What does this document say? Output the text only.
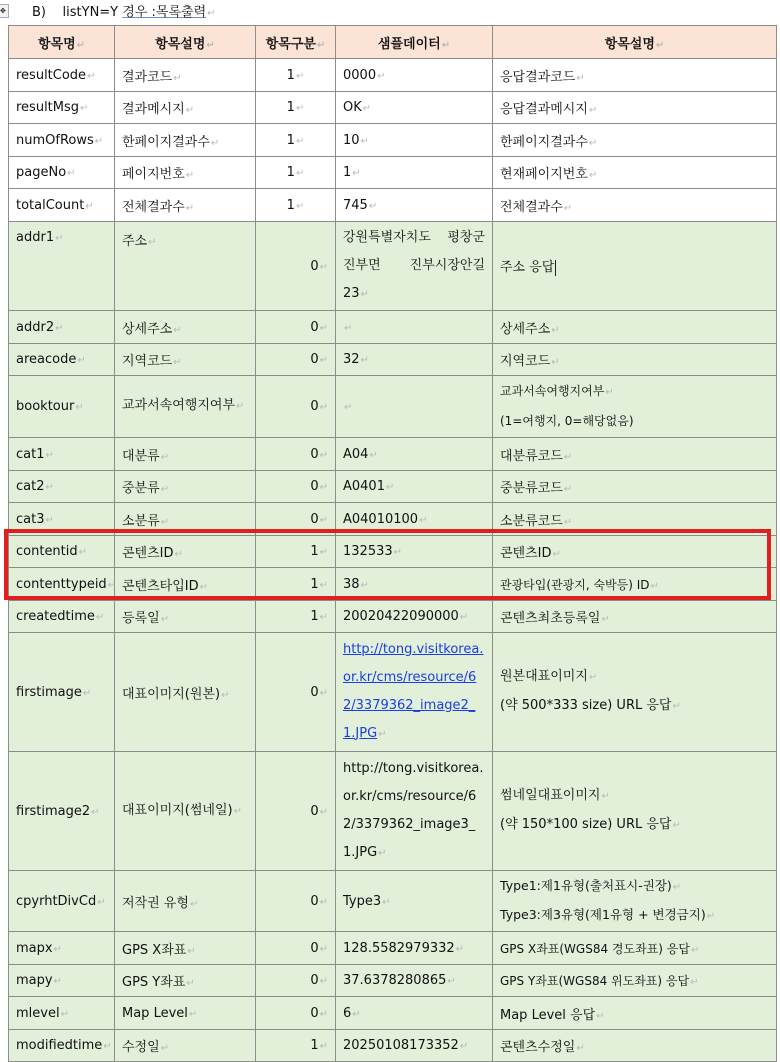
✥ B) listYN=Y 경우 :목록출력↵
항목명↵	항목설명↵	항목구분↵	샘플데이터↵	항목설명↵
resultCode↵	결과코드↵	1↵	0000↵	응답결과코드↵
resultMsg↵	결과메시지↵	1↵	OK↵	응답결과메시지↵
numOfRows↵	한페이지결과수↵	1↵	10↵	한페이지결과수↵
pageNo↵	페이지번호↵	1↵	1↵	현재페이지번호↵
totalCount↵	전체결과수↵	1↵	745↵	전체결과수↵
addr1↵	주소↵	0↵	강원특별자치도 평창군 진부면 진부시장안길 23↵	주소 응답
addr2↵	상세주소↵	0↵	↵	상세주소↵
areacode↵	지역코드↵	0↵	32↵	지역코드↵
booktour↵	교과서속여행지여부↵	0↵	↵	교과서속여행지여부↵
(1=여행지, 0=해당없음)
cat1↵	대분류↵	0↵	A04↵	대분류코드↵
cat2↵	중분류↵	0↵	A0401↵	중분류코드↵
cat3↵	소분류↵	0↵	A04010100↵	소분류코드↵
contentid↵	콘텐츠ID↵	1↵	132533↵	콘텐츠ID↵
contenttypeid↵	콘텐츠타입ID↵	1↵	38↵	관광타입(관광지, 숙박등) ID↵
createdtime↵	등록일↵	1↵	20020422090000↵	콘텐츠최초등록일↵
firstimage↵	대표이미지(원본)↵	0↵	http://tong.visitkorea.or.kr/cms/resource/62/3379362_image2_1.JPG↵	원본대표이미지↵
(약 500*333 size) URL 응답↵
firstimage2↵	대표이미지(썸네일)↵	0↵	http://tong.visitkorea.or.kr/cms/resource/62/3379362_image3_1.JPG↵	썸네일대표이미지↵
(약 150*100 size) URL 응답↵
cpyrhtDivCd↵	저작권 유형↵	0↵	Type3↵	Type1:제1유형(출처표시-권장)↵
Type3:제3유형(제1유형 + 변경금지)↵
mapx↵	GPS X좌표↵	0↵	128.5582979332↵	GPS X좌표(WGS84 경도좌표) 응답↵
mapy↵	GPS Y좌표↵	0↵	37.6378280865↵	GPS Y좌표(WGS84 위도좌표) 응답↵
mlevel↵	Map Level↵	0↵	6↵	Map Level 응답↵
modifiedtime↵	수정일↵	1↵	20250108173352↵	콘텐츠수정일↵
